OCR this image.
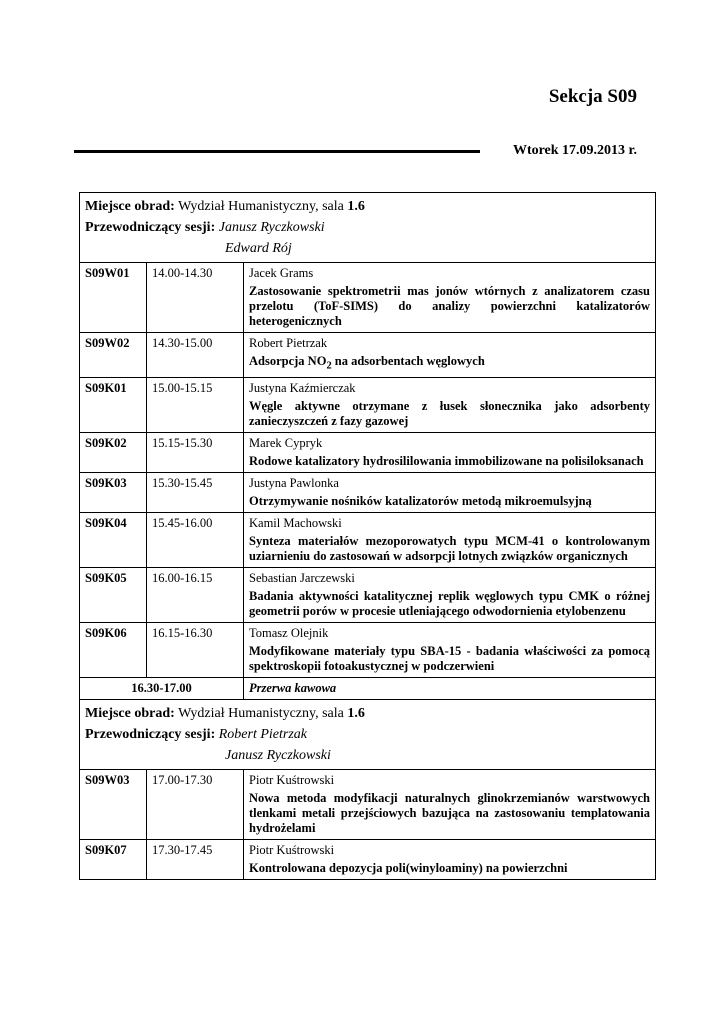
Sekcja S09
Wtorek 17.09.2013 r.
Miejsce obrad: Wydział Humanistyczny, sala 1.6
Przewodniczący sesji: Janusz Ryczkowski
Edward Rój		

S09W01	14.00-14.30	Jacek Grams
Zastosowanie spektrometrii mas jonów wtórnych z analizatorem czasu przelotu (ToF-SIMS) do analizy powierzchni katalizatorów heterogenicznych

S09W02	14.30-15.00	Robert Pietrzak
Adsorpcja $NO_2$ na adsorbentach węglowych

S09K01	15.00-15.15	Justyna Kaźmierczak
Węgle aktywne otrzymane z łusek słonecznika jako adsorbenty zanieczyszczeń z fazy gazowej

S09K02	15.15-15.30	Marek Cypryk
Rodowe katalizatory hydrosililowania immobilizowane na polisiloksanach

S09K03	15.30-15.45	Justyna Pawlonka
Otrzymywanie nośników katalizatorów metodą mikroemulsyjną

S09K04	15.45-16.00	Kamil Machowski
Synteza materiałów mezoporowatych typu MCM-41 o kontrolowanym uziarnieniu do zastosowań w adsorpcji lotnych związków organicznych

S09K05	16.00-16.15	Sebastian Jarczewski
Badania aktywności katalitycznej replik węglowych typu CMK o różnej geometrii porów w procesie utleniającego odwodornienia etylobenzenu

S09K06	16.15-16.30	Tomasz Olejnik
Modyfikowane materiały typu SBA-15 - badania właściwości za pomocą spektroskopii fotoakustycznej w podczerwieni

16.30-17.00		Przerwa kawowa

Miejsce obrad: Wydział Humanistyczny, sala 1.6
Przewodniczący sesji: Robert Pietrzak
Janusz Ryczkowski		

S09W03	17.00-17.30	Piotr Kuśtrowski
Nowa metoda modyfikacji naturalnych glinokrzemianów warstwowych tlenkami metali przejściowych bazująca na zastosowaniu templatowania hydrożelami

S09K07	17.30-17.45	Piotr Kuśtrowski
Kontrolowana depozycja poli(winyloaminy) na powierzchni
